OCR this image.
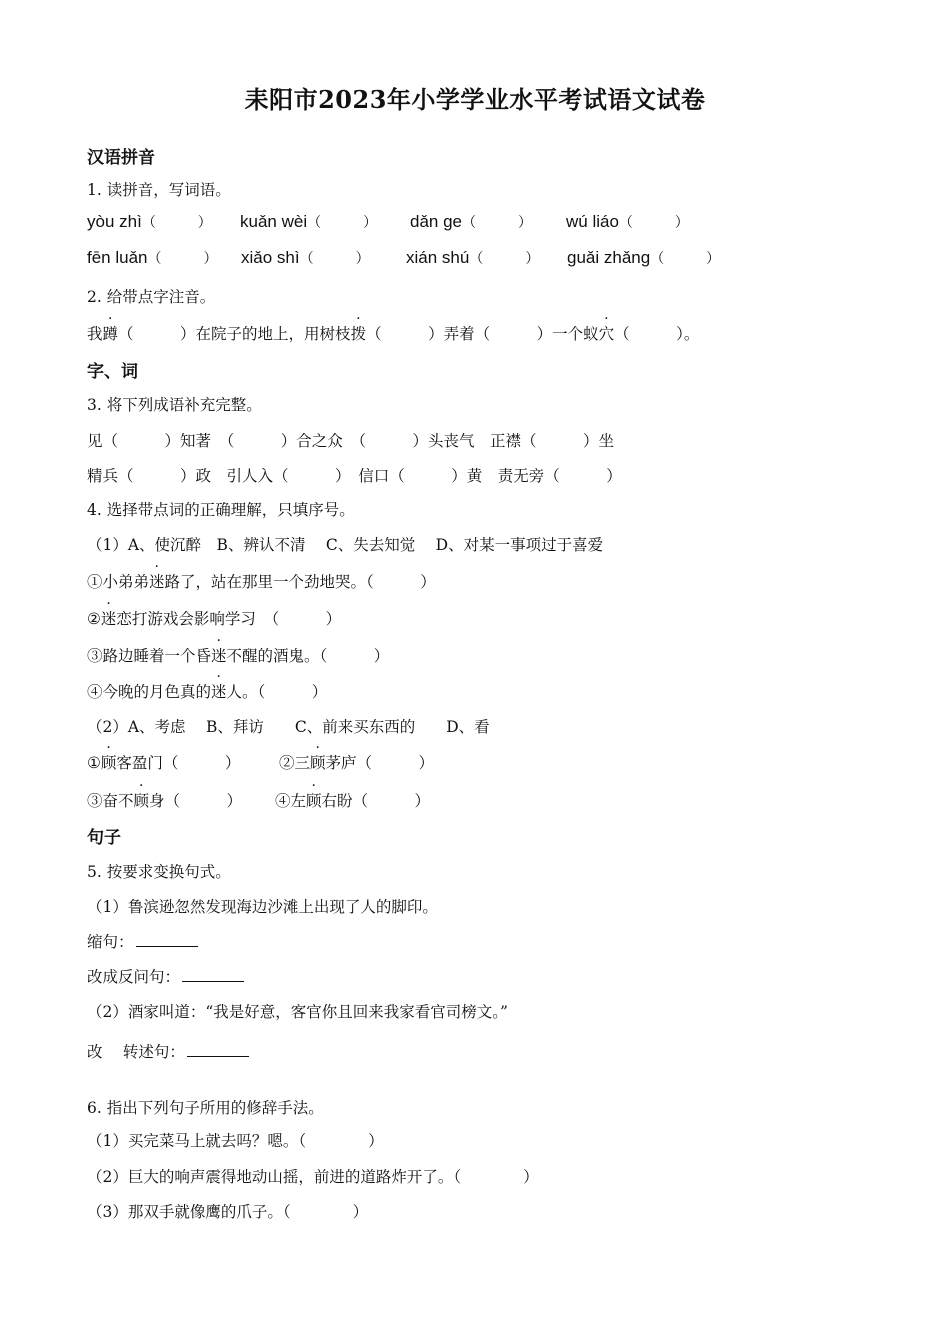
耒阳市2023年小学学业水平考试语文试卷
汉语拼音
1. 读拼音，写词语。
yòu zhì（　　　） kuǎn wèi（　　　） dǎn ge（　　　） wú liáo（　　　）
fēn luǎn（　　　） xiǎo shì（　　　） xián shú（　　　） guǎi zhǎng（　　　）
2. 给带点字注音。
我蹲（　　　）在院子的地上，用树枝拨（　　　）弄着（　　　）一个蚁穴（　　　）。
字、词
3. 将下列成语补充完整。
见（　　　）知著　（　　　）合之众　（　　　）头丧气　正襟（　　　）坐
精兵（　　　）政　引人入（　　　）　信口（　　　）黄　责无旁（　　　）
4. 选择带点词的正确理解，只填序号。
（1）A、使沉醉　B、辨认不清　 C、失去知觉　 D、对某一事项过于喜爱
①小弟弟迷路了，站在那里一个劲地哭。（　　　）
②迷恋打游戏会影响学习　（　　　）
③路边睡着一个昏迷不醒的酒鬼。（　　　）
④今晚的月色真的迷人。（　　　）
（2）A、考虑　 B、拜访　　C、前来买东西的　　D、看
①顾客盈门（　　　） ②三顾茅庐（　　　）
③奋不顾身（　　　） ④左顾右盼（　　　）
句子
5. 按要求变换句式。
（1）鲁滨逊忽然发现海边沙滩上出现了人的脚印。
缩句：
改成反问句：
（2）酒家叫道：“我是好意，客官你且回来我家看官司榜文。”
改　 转述句：
6. 指出下列句子所用的修辞手法。
（1）买完菜马上就去吗？嗯。（　　　　）
（2）巨大的响声震得地动山摇，前进的道路炸开了。（　　　　）
（3）那双手就像鹰的爪子。（　　　　）
